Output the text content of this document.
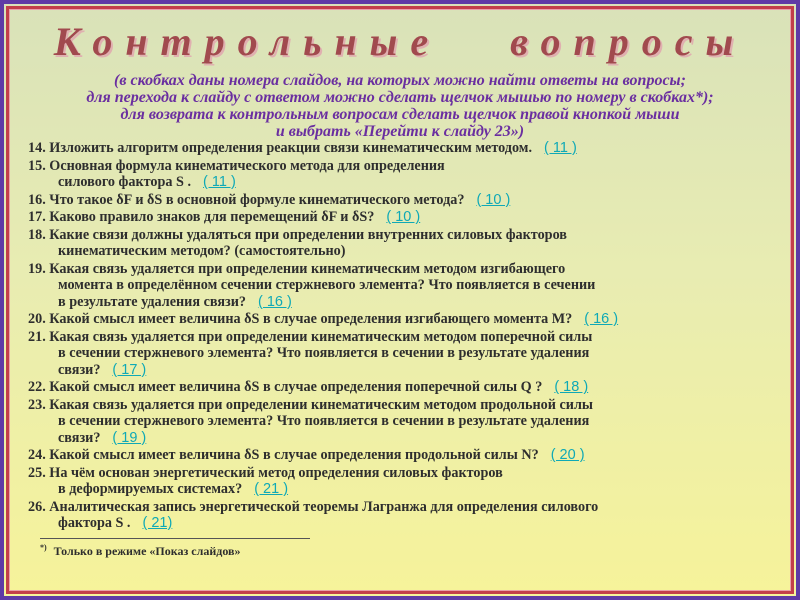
Контрольные   вопросы
(в скобках даны номера слайдов, на которых можно найти ответы на вопросы;
для перехода к слайду с ответом можно сделать щелчок мышью по номеру в скобках*);
для возврата к контрольным вопросам сделать щелчок правой кнопкой мыши
и выбрать «Перейти к слайду 23»)
14. Изложить алгоритм определения реакции связи кинематическим методом. ( 11 )
15. Основная формула кинематического метода для определения
силового фактора S . ( 11 )
16. Что такое δF и δS в основной формуле кинематического метода? ( 10 )
17. Каково правило знаков для перемещений δF и δS? ( 10 )
18. Какие связи должны удаляться при определении внутренних силовых факторов
кинематическим методом? (самостоятельно)
19. Какая связь удаляется при определении кинематическим методом изгибающего
момента в определённом сечении стержневого элемента? Что появляется в сечении
в результате удаления связи? ( 16 )
20. Какой смысл имеет величина δS в случае определения изгибающего момента M? ( 16 )
21. Какая связь удаляется при определении кинематическим методом поперечной силы
в сечении стержневого элемента? Что появляется в сечении в результате удаления
связи? ( 17 )
22. Какой смысл имеет величина δS в случае определения поперечной силы Q ? ( 18 )
23. Какая связь удаляется при определении кинематическим методом продольной силы
в сечении стержневого элемента? Что появляется в сечении в результате удаления
связи? ( 19 )
24. Какой смысл имеет величина δS в случае определения продольной силы N? ( 20 )
25. На чём основан энергетический метод определения силовых факторов
в деформируемых системах? ( 21 )
26. Аналитическая запись энергетической теоремы Лагранжа для определения силового
фактора S . ( 21)
*) Только в режиме «Показ слайдов»
